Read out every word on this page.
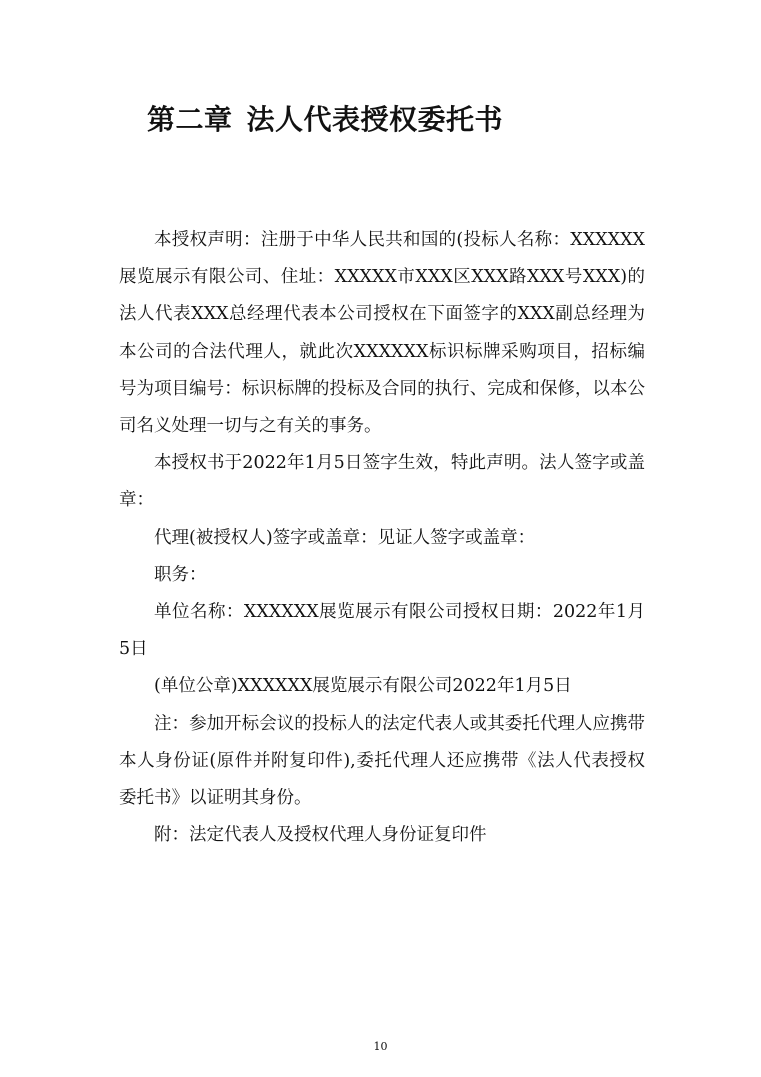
第二章 法人代表授权委托书

本授权声明：注册于中华人民共和国的(投标人名称：XXXXXX展览展示有限公司、住址：XXXXX市XXX区XXX路XXX号XXX)的法人代表XXX总经理代表本公司授权在下面签字的XXX副总经理为本公司的合法代理人，就此次XXXXXX标识标牌采购项目，招标编号为项目编号：标识标牌的投标及合同的执行、完成和保修，以本公司名义处理一切与之有关的事务。

本授权书于2022年1月5日签字生效，特此声明。法人签字或盖章：

代理(被授权人)签字或盖章：见证人签字或盖章：

职务：

单位名称：XXXXXX展览展示有限公司授权日期：2022年1月5日

(单位公章)XXXXXX展览展示有限公司2022年1月5日

注：参加开标会议的投标人的法定代表人或其委托代理人应携带本人身份证(原件并附复印件),委托代理人还应携带《法人代表授权委托书》以证明其身份。

附：法定代表人及授权代理人身份证复印件

10
